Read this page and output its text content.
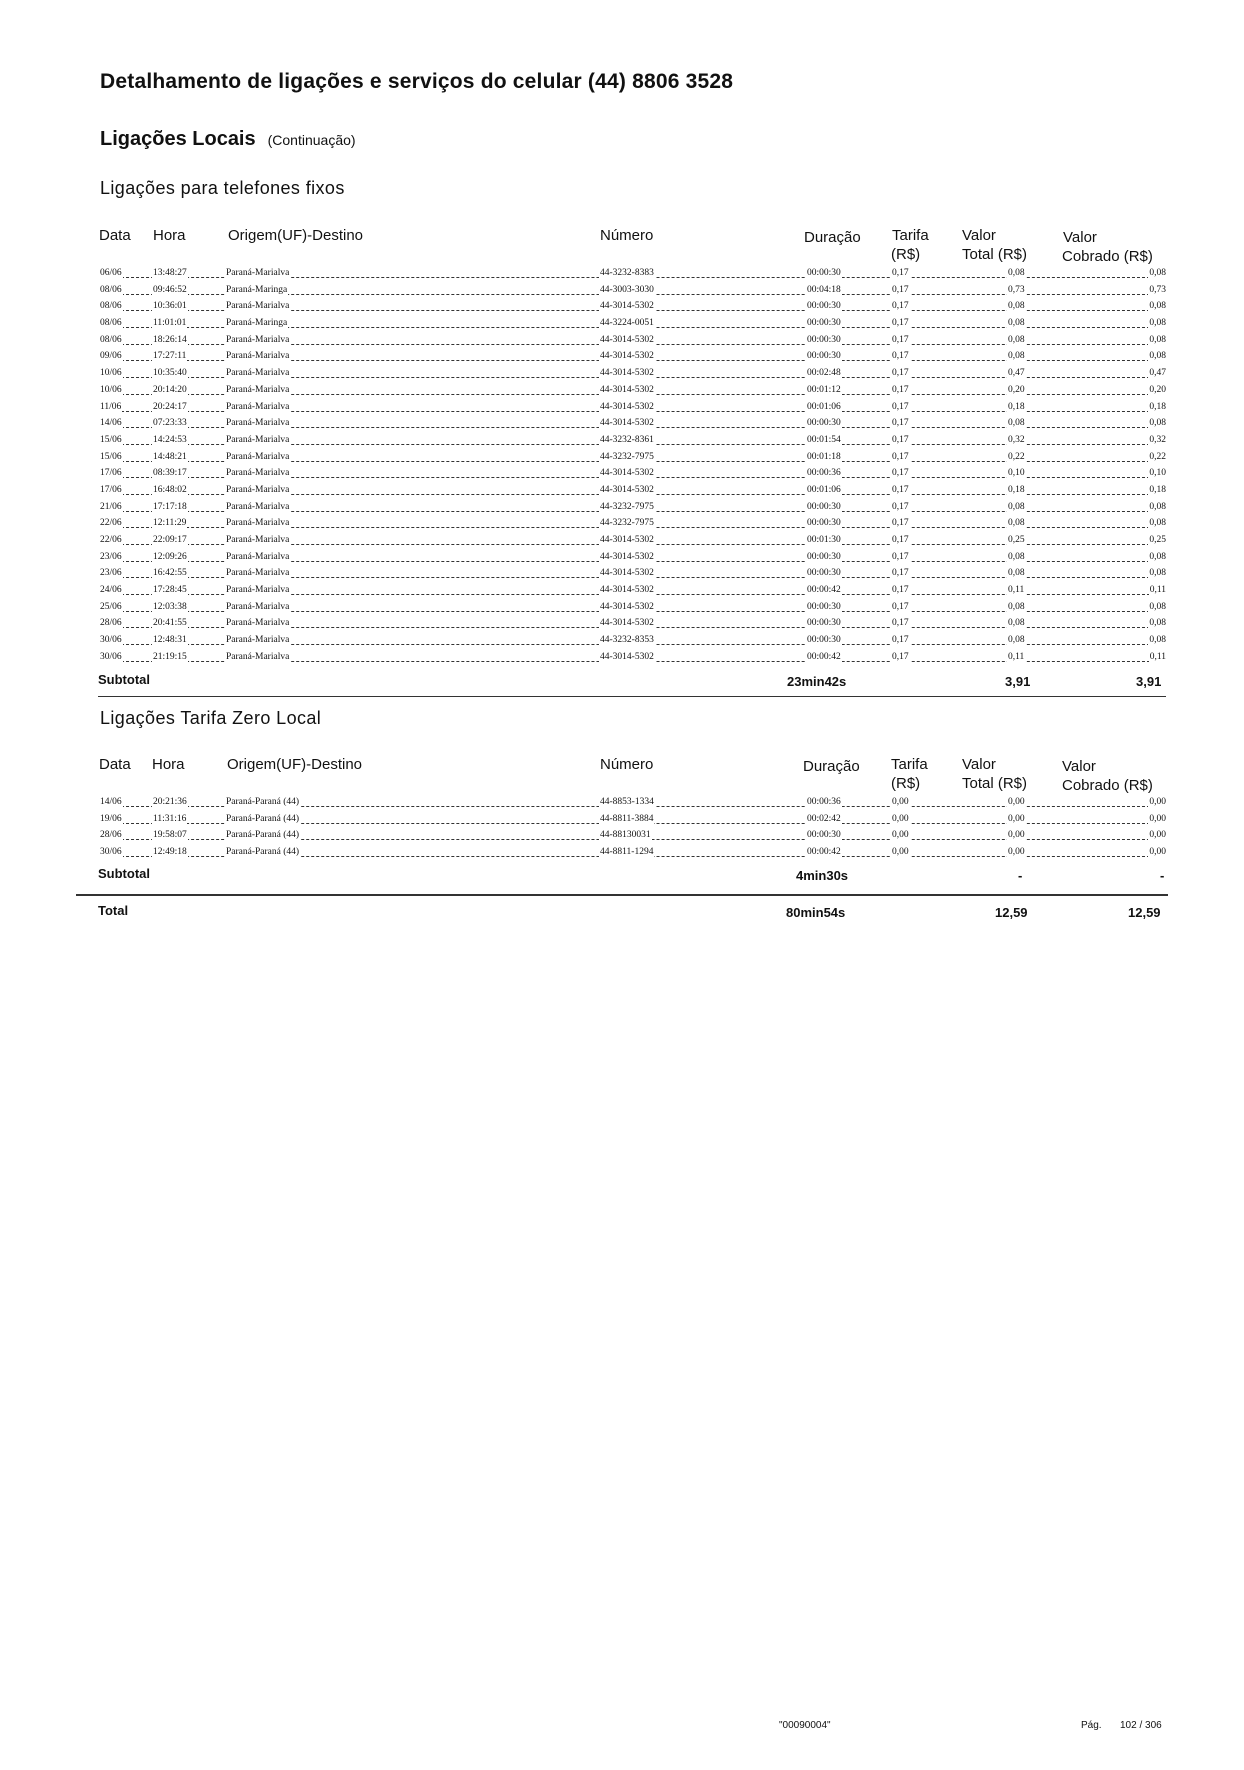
Detalhamento de ligações e serviços do celular (44) 8806 3528
Ligações Locais (Continuação)
Ligações para telefones fixos
Data Hora	Origem(UF)-Destino	Número	Duração Tarifa
(R$)
Valor
Total (R$)
Valor
Cobrado (R$)
06/06	13:48:27	Paraná-Marialva	44-3232-8383	00:00:30	0,17	0,08	0,08
08/06	09:46:52	Paraná-Maringa	44-3003-3030	00:04:18	0,17	0,73	0,73
08/06	10:36:01	Paraná-Marialva	44-3014-5302	00:00:30	0,17	0,08	0,08
08/06	11:01:01	Paraná-Maringa	44-3224-0051	00:00:30	0,17	0,08	0,08
08/06	18:26:14	Paraná-Marialva	44-3014-5302	00:00:30	0,17	0,08	0,08
09/06	17:27:11	Paraná-Marialva	44-3014-5302	00:00:30	0,17	0,08	0,08
10/06	10:35:40	Paraná-Marialva	44-3014-5302	00:02:48	0,17	0,47	0,47
10/06	20:14:20	Paraná-Marialva	44-3014-5302	00:01:12	0,17	0,20	0,20
11/06	20:24:17	Paraná-Marialva	44-3014-5302	00:01:06	0,17	0,18	0,18
14/06	07:23:33	Paraná-Marialva	44-3014-5302	00:00:30	0,17	0,08	0,08
15/06	14:24:53	Paraná-Marialva	44-3232-8361	00:01:54	0,17	0,32	0,32
15/06	14:48:21	Paraná-Marialva	44-3232-7975	00:01:18	0,17	0,22	0,22
17/06	08:39:17	Paraná-Marialva	44-3014-5302	00:00:36	0,17	0,10	0,10
17/06	16:48:02	Paraná-Marialva	44-3014-5302	00:01:06	0,17	0,18	0,18
21/06	17:17:18	Paraná-Marialva	44-3232-7975	00:00:30	0,17	0,08	0,08
22/06	12:11:29	Paraná-Marialva	44-3232-7975	00:00:30	0,17	0,08	0,08
22/06	22:09:17	Paraná-Marialva	44-3014-5302	00:01:30	0,17	0,25	0,25
23/06	12:09:26	Paraná-Marialva	44-3014-5302	00:00:30	0,17	0,08	0,08
23/06	16:42:55	Paraná-Marialva	44-3014-5302	00:00:30	0,17	0,08	0,08
24/06	17:28:45	Paraná-Marialva	44-3014-5302	00:00:42	0,17	0,11	0,11
25/06	12:03:38	Paraná-Marialva	44-3014-5302	00:00:30	0,17	0,08	0,08
28/06	20:41:55	Paraná-Marialva	44-3014-5302	00:00:30	0,17	0,08	0,08
30/06	12:48:31	Paraná-Marialva	44-3232-8353	00:00:30	0,17	0,08	0,08
30/06	21:19:15	Paraná-Marialva	44-3014-5302	00:00:42	0,17	0,11	0,11
Subtotal	23min42s	3,91	3,91
Ligações Tarifa Zero Local
Data Hora	Origem(UF)-Destino	Número	Duração Tarifa
(R$)
Valor
Total (R$)
Valor
Cobrado (R$)
14/06	20:21:36	Paraná-Paraná (44)	44-8853-1334	00:00:36	0,00	0,00	0,00
19/06	11:31:16	Paraná-Paraná (44)	44-8811-3884	00:02:42	0,00	0,00	0,00
28/06	19:58:07	Paraná-Paraná (44)	44-88130031	00:00:30	0,00	0,00	0,00
30/06	12:49:18	Paraná-Paraná (44)	44-8811-1294	00:00:42	0,00	0,00	0,00
Subtotal	4min30s	-	-
Total	80min54s	12,59	12,59
"00090004"	Pág. 102 / 306
